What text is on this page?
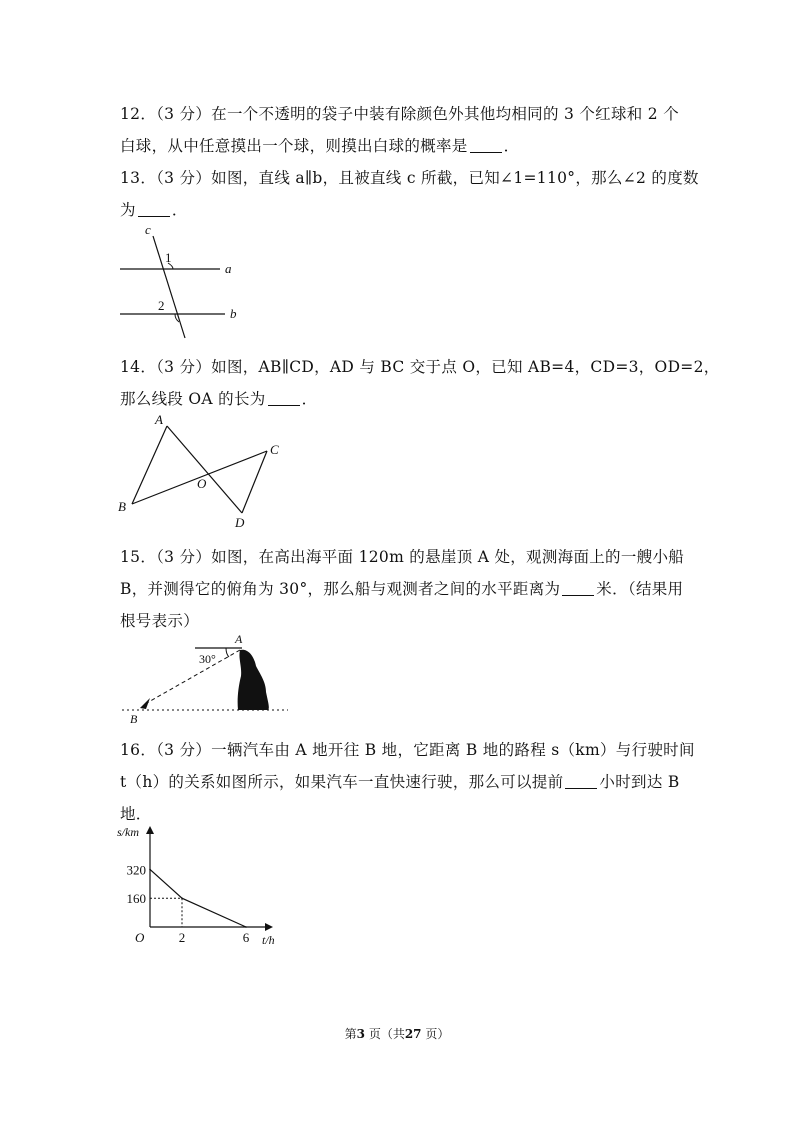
12．（3 分）在一个不透明的袋子中装有除颜色外其他均相同的 3 个红球和 2 个
白球，从中任意摸出一个球，则摸出白球的概率是 ．
13．（3 分）如图，直线 a∥b，且被直线 c 所截，已知∠1=110°，那么∠2 的度数
为 ．
c
a
b
1
2
14．（3 分）如图，AB∥CD，AD 与 BC 交于点 O，已知 AB=4，CD=3，OD=2，
那么线段 OA 的长为 ．
A
B
C
D
O
15．（3 分）如图，在高出海平面 120m 的悬崖顶 A 处，观测海面上的一艘小船
B，并测得它的俯角为 30°，那么船与观测者之间的水平距离为 米．（结果用
根号表示）
30°
A
B
16．（3 分）一辆汽车由 A 地开往 B 地，它距离 B 地的路程 s（km）与行驶时间
t（h）的关系如图所示，如果汽车一直快速行驶，那么可以提前 小时到达 B
地．
2	6
320
160
s/km
t/h
O
第3 页（共27 页）
